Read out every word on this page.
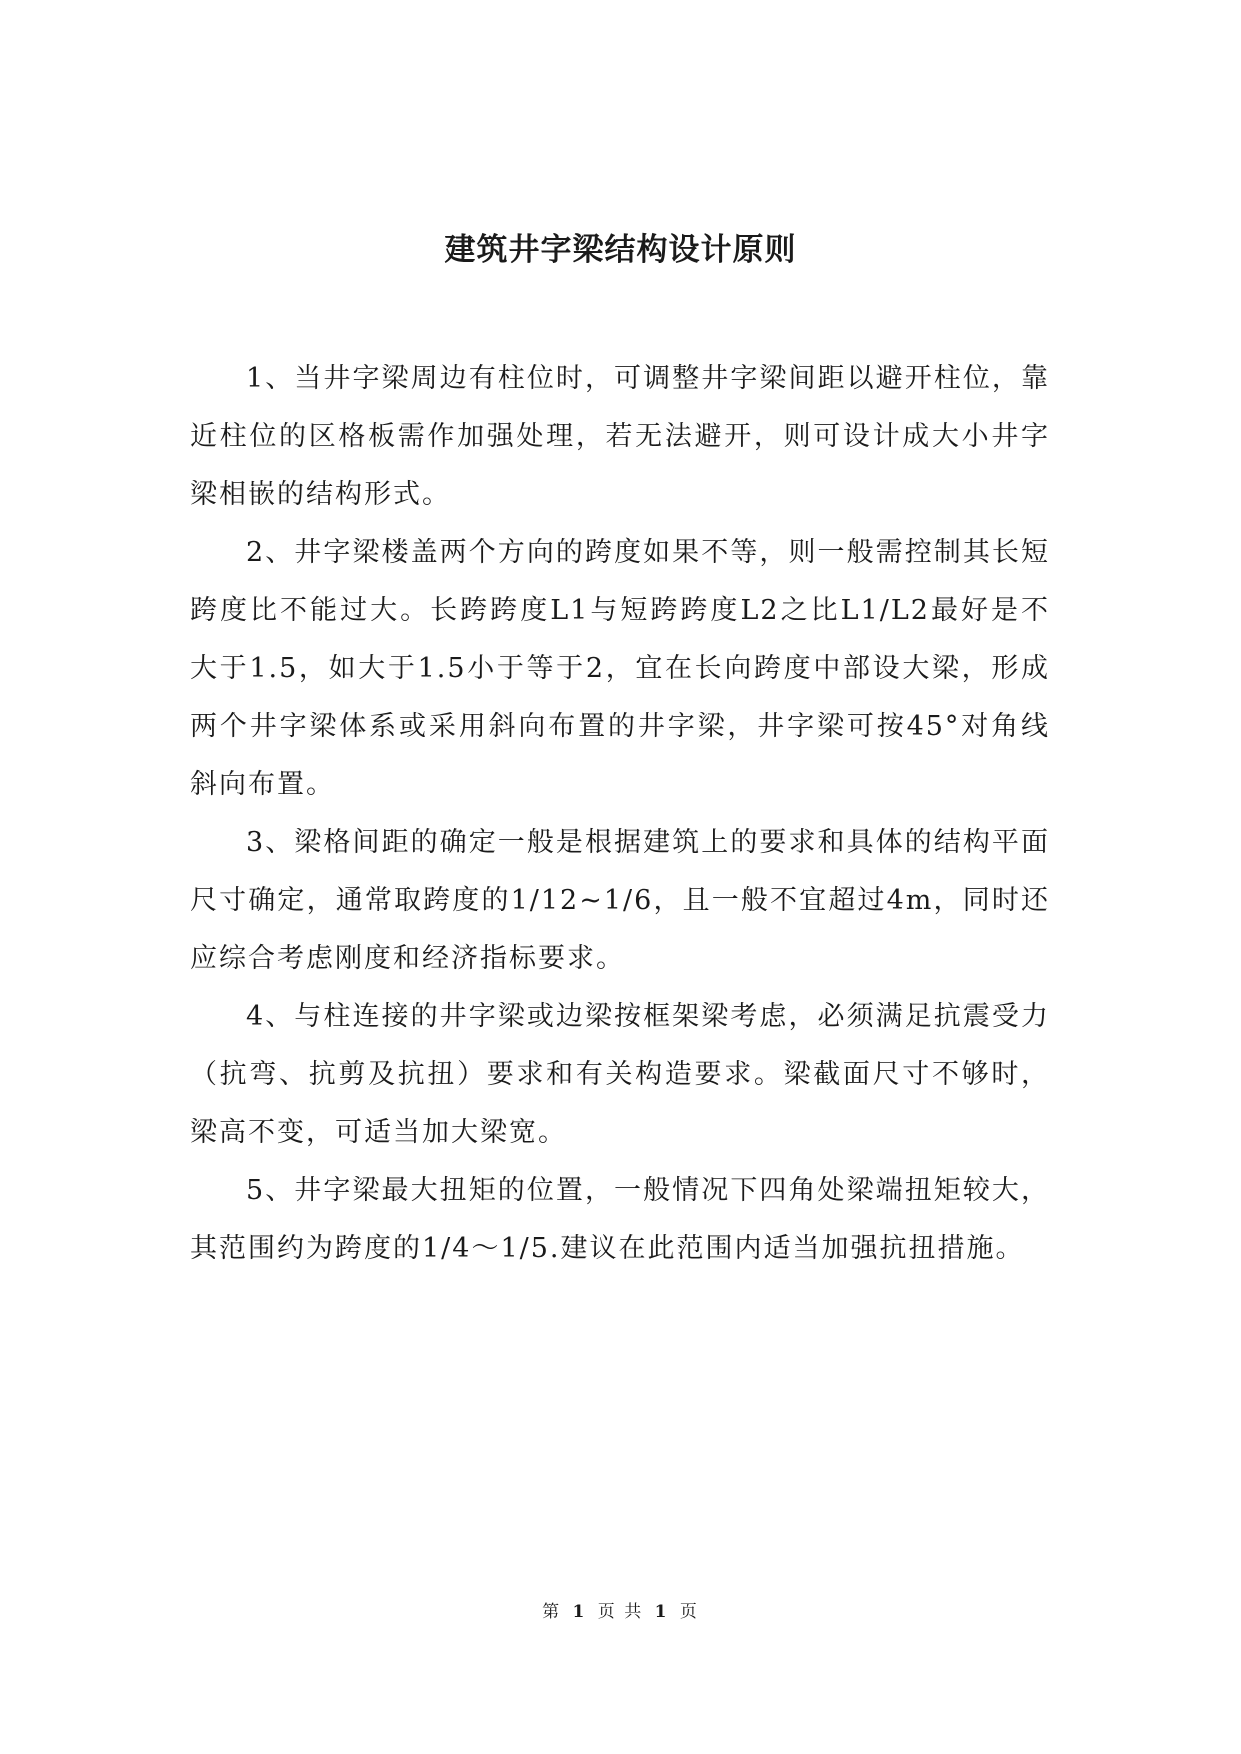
建筑井字梁结构设计原则

1、当井字梁周边有柱位时，可调整井字梁间距以避开柱位，靠近柱位的区格板需作加强处理，若无法避开，则可设计成大小井字梁相嵌的结构形式。

2、井字梁楼盖两个方向的跨度如果不等，则一般需控制其长短跨度比不能过大。长跨跨度L1与短跨跨度L2之比L1/L2最好是不大于1.5，如大于1.5小于等于2，宜在长向跨度中部设大梁，形成两个井字梁体系或采用斜向布置的井字梁，井字梁可按45°对角线斜向布置。

3、梁格间距的确定一般是根据建筑上的要求和具体的结构平面尺寸确定，通常取跨度的1/12~1/6，且一般不宜超过4m，同时还应综合考虑刚度和经济指标要求。

4、与柱连接的井字梁或边梁按框架梁考虑，必须满足抗震受力（抗弯、抗剪及抗扭）要求和有关构造要求。梁截面尺寸不够时，梁高不变，可适当加大梁宽。

5、井字梁最大扭矩的位置，一般情况下四角处梁端扭矩较大，其范围约为跨度的1/4～1/5.建议在此范围内适当加强抗扭措施。

第 1 页 共 1 页
